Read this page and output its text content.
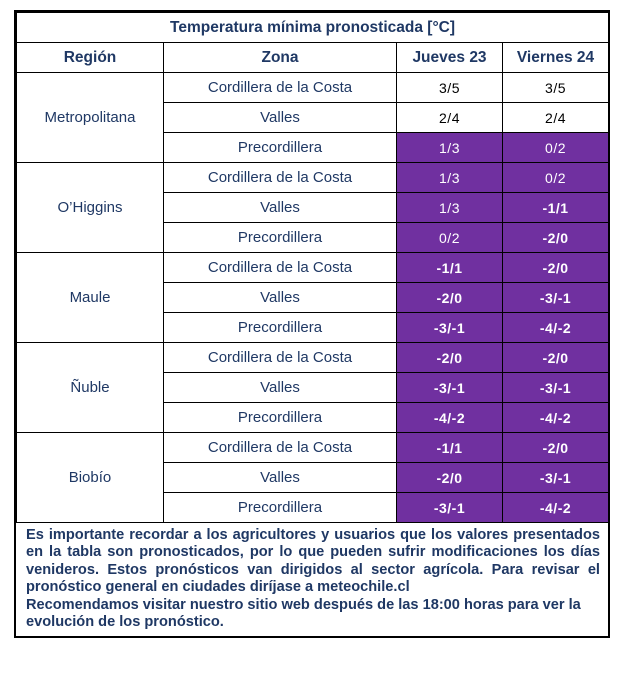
Temperatura mínima pronosticada [°C]			
Región	Zona	Jueves 23	Viernes 24
Metropolitana	Cordillera de la Costa	3/5	3/5
	Valles	2/4	2/4
	Precordillera	1/3	0/2
O’Higgins	Cordillera de la Costa	1/3	0/2
	Valles	1/3	-1/1
	Precordillera	0/2	-2/0
Maule	Cordillera de la Costa	-1/1	-2/0
	Valles	-2/0	-3/-1
	Precordillera	-3/-1	-4/-2
Ñuble	Cordillera de la Costa	-2/0	-2/0
	Valles	-3/-1	-3/-1
	Precordillera	-4/-2	-4/-2
Biobío	Cordillera de la Costa	-1/1	-2/0
	Valles	-2/0	-3/-1
	Precordillera	-3/-1	-4/-2

Es importante recordar a los agricultores y usuarios que los valores presentados en la tabla son pronosticados, por lo que pueden sufrir modificaciones los días venideros. Estos pronósticos van dirigidos al sector agrícola. Para revisar el pronóstico general en ciudades diríjase a meteochile.cl

Recomendamos visitar nuestro sitio web después de las 18:00 horas para ver la evolución de los pronóstico.
